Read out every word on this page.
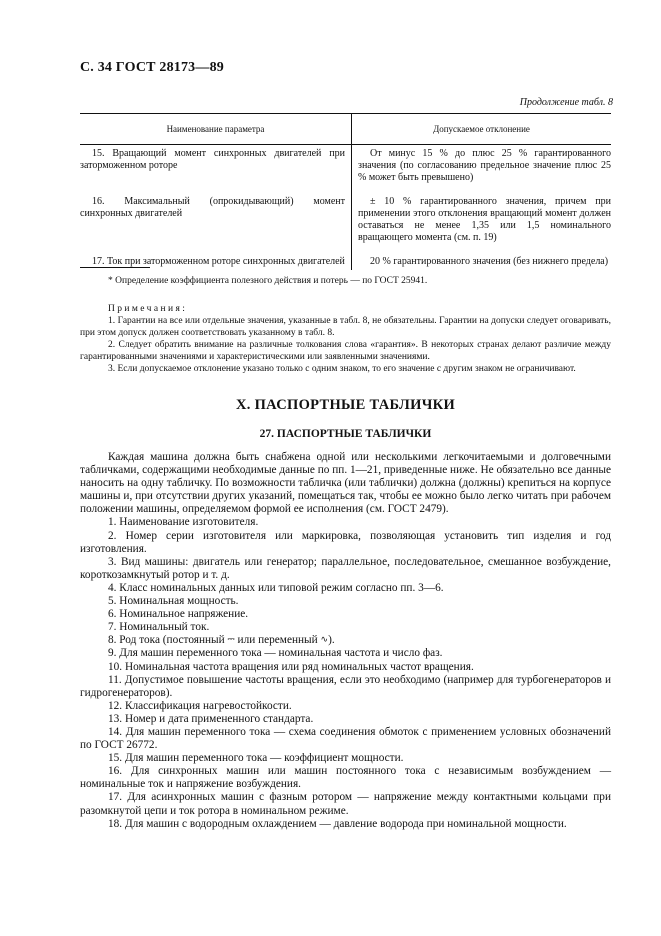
С. 34 ГОСТ 28173—89
Продолжение табл. 8
Наименование параметра	Допускаемое отклонение
15. Вращающий момент синхронных двигателей при заторможенном роторе	От минус 15 % до плюс 25 % гарантированного значения (по согласованию предельное значение плюс 25 % может быть превышено)
16. Максимальный (опрокидывающий) момент синхронных двигателей	± 10 % гарантированного значения, причем при применении этого отклонения вращающий момент должен оставаться не менее 1,35 или 1,5 номинального вращающего момента (см. п. 19)
17. Ток при заторможенном роторе синхронных двигателей	20 % гарантированного значения (без нижнего предела)
* Определение коэффициента полезного действия и потерь — по ГОСТ 25941.

Примечания:

1. Гарантии на все или отдельные значения, указанные в табл. 8, не обязательны. Гарантии на допуски следует оговаривать, при этом допуск должен соответствовать указанному в табл. 8.

2. Следует обратить внимание на различные толкования слова «гарантия». В некоторых странах делают различие между гарантированными значениями и характеристическими или заявленными значениями.

3. Если допускаемое отклонение указано только с одним знаком, то его значение с другим знаком не ограничивают.

X. ПАСПОРТНЫЕ ТАБЛИЧКИ
27. ПАСПОРТНЫЕ ТАБЛИЧКИ

Каждая машина должна быть снабжена одной или несколькими легкочитаемыми и долговечными табличками, содержащими необходимые данные по пп. 1—21, приведенные ниже. Не обязательно все данные наносить на одну табличку. По возможности табличка (или таблички) должна (должны) крепиться на корпусе машины и, при отсутствии других указаний, помещаться так, чтобы ее можно было легко читать при рабочем положении машины, определяемом формой ее исполнения (см. ГОСТ 2479).

1. Наименование изготовителя.

2. Номер серии изготовителя или маркировка, позволяющая установить тип изделия и год изготовления.

3. Вид машины: двигатель или генератор; параллельное, последовательное, смешанное возбуждение, короткозамкнутый ротор и т. д.

4. Класс номинальных данных или типовой режим согласно пп. 3—6.

5. Номинальная мощность.

6. Номинальное напряжение.

7. Номинальный ток.

8. Род тока (постоянный ⎓ или переменный ∿).

9. Для машин переменного тока — номинальная частота и число фаз.

10. Номинальная частота вращения или ряд номинальных частот вращения.

11. Допустимое повышение частоты вращения, если это необходимо (например для турбогенераторов и гидрогенераторов).

12. Классификация нагревостойкости.

13. Номер и дата примененного стандарта.

14. Для машин переменного тока — схема соединения обмоток с применением условных обозначений по ГОСТ 26772.

15. Для машин переменного тока — коэффициент мощности.

16. Для синхронных машин или машин постоянного тока с независимым возбуждением — номинальные ток и напряжение возбуждения.

17. Для асинхронных машин с фазным ротором — напряжение между контактными кольцами при разомкнутой цепи и ток ротора в номинальном режиме.

18. Для машин с водородным охлаждением — давление водорода при номинальной мощности.
